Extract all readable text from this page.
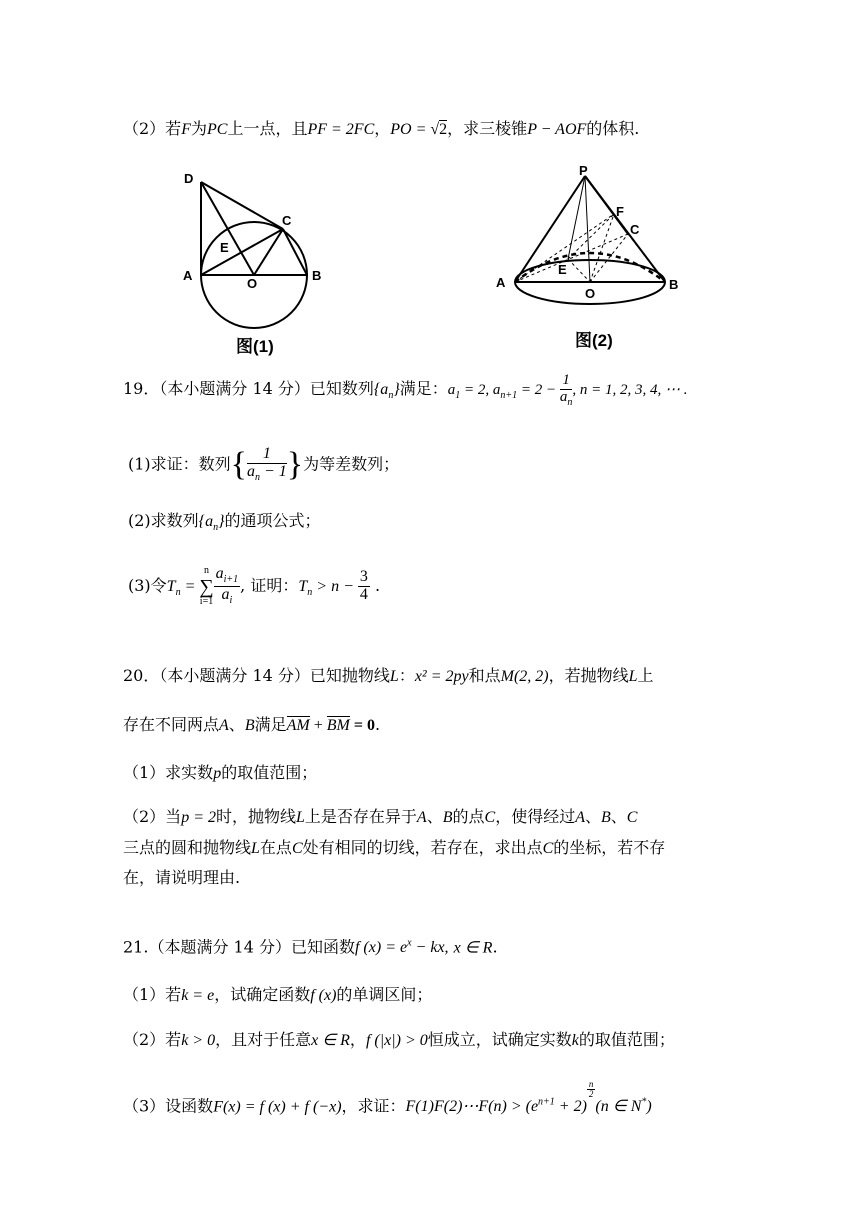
（2）若F为PC上一点，且PF = 2FC，PO = √2，求三棱锥P − AOF的体积.
D
C
E
A
O
B
图(1)
P
F
C
E
A
O
B
图(2)
19．（本小题满分 14 分）已知数列$\{a_n\}$满足：$a_1 = 2$, $a_{n+1} = 2 - \frac{1}{a_n}$ , n = 1, 2, 3, 4, ⋯ .
(1)求证：数列{ $\frac{1}{a_n - 1}$ }为等差数列；
(2)求数列$\{a_n\}$的通项公式；
(3)令$T_n$ =
n
∑
$i=1 \frac{a_{i+1}}{a_i}$ , 证明：$T_n > n - \frac{3}{4}$ .
20．（本小题满分 14 分）已知抛物线L：x² = 2py和点M(2, 2)，若抛物线L上
存在不同两点A、B满足AM + BM = 0.
（1）求实数p的取值范围；
（2）当p = 2时，抛物线L上是否存在异于A、B的点C，使得经过A、B、C
三点的圆和抛物线L在点C处有相同的切线，若存在，求出点C的坐标，若不存
在，请说明理由.
21.（本题满分 14 分）已知函数f $(x) = e^x$ − kx, x ∈ R.
（1）若k = e，试确定函数f (x)的单调区间；
（2）若k > 0，且对于任意x ∈ R，f (|x|) > 0恒成立，试确定实数k的取值范围；
（3）设函数F(x) = f (x) + f (−x)，求证：F(1)F(2)⋯F(n) > $(e^{n+1} + 2)$
$^{\frac{n}{2}}$
(n ∈ N*)
